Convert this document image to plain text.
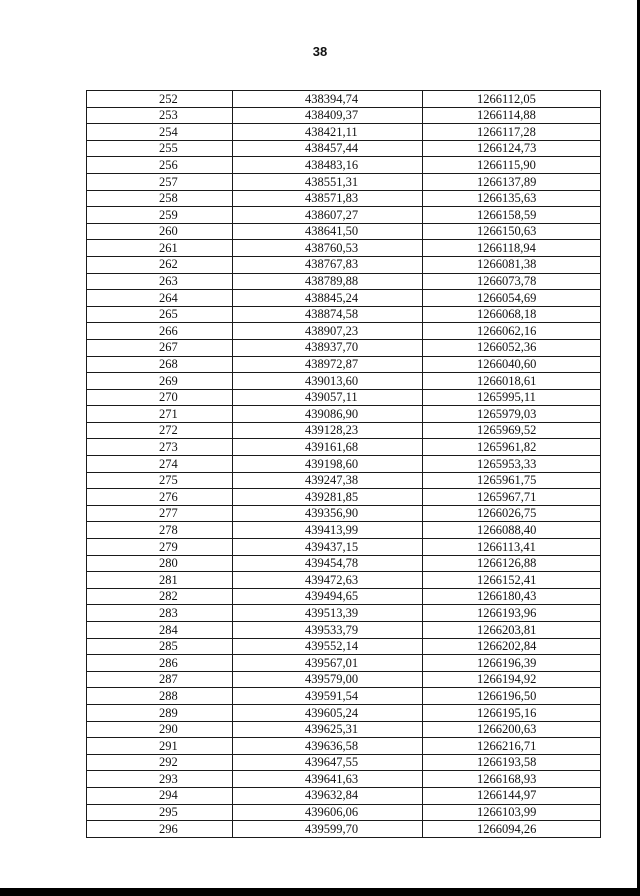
38
252	438394,74	1266112,05
253	438409,37	1266114,88
254	438421,11	1266117,28
255	438457,44	1266124,73
256	438483,16	1266115,90
257	438551,31	1266137,89
258	438571,83	1266135,63
259	438607,27	1266158,59
260	438641,50	1266150,63
261	438760,53	1266118,94
262	438767,83	1266081,38
263	438789,88	1266073,78
264	438845,24	1266054,69
265	438874,58	1266068,18
266	438907,23	1266062,16
267	438937,70	1266052,36
268	438972,87	1266040,60
269	439013,60	1266018,61
270	439057,11	1265995,11
271	439086,90	1265979,03
272	439128,23	1265969,52
273	439161,68	1265961,82
274	439198,60	1265953,33
275	439247,38	1265961,75
276	439281,85	1265967,71
277	439356,90	1266026,75
278	439413,99	1266088,40
279	439437,15	1266113,41
280	439454,78	1266126,88
281	439472,63	1266152,41
282	439494,65	1266180,43
283	439513,39	1266193,96
284	439533,79	1266203,81
285	439552,14	1266202,84
286	439567,01	1266196,39
287	439579,00	1266194,92
288	439591,54	1266196,50
289	439605,24	1266195,16
290	439625,31	1266200,63
291	439636,58	1266216,71
292	439647,55	1266193,58
293	439641,63	1266168,93
294	439632,84	1266144,97
295	439606,06	1266103,99
296	439599,70	1266094,26
